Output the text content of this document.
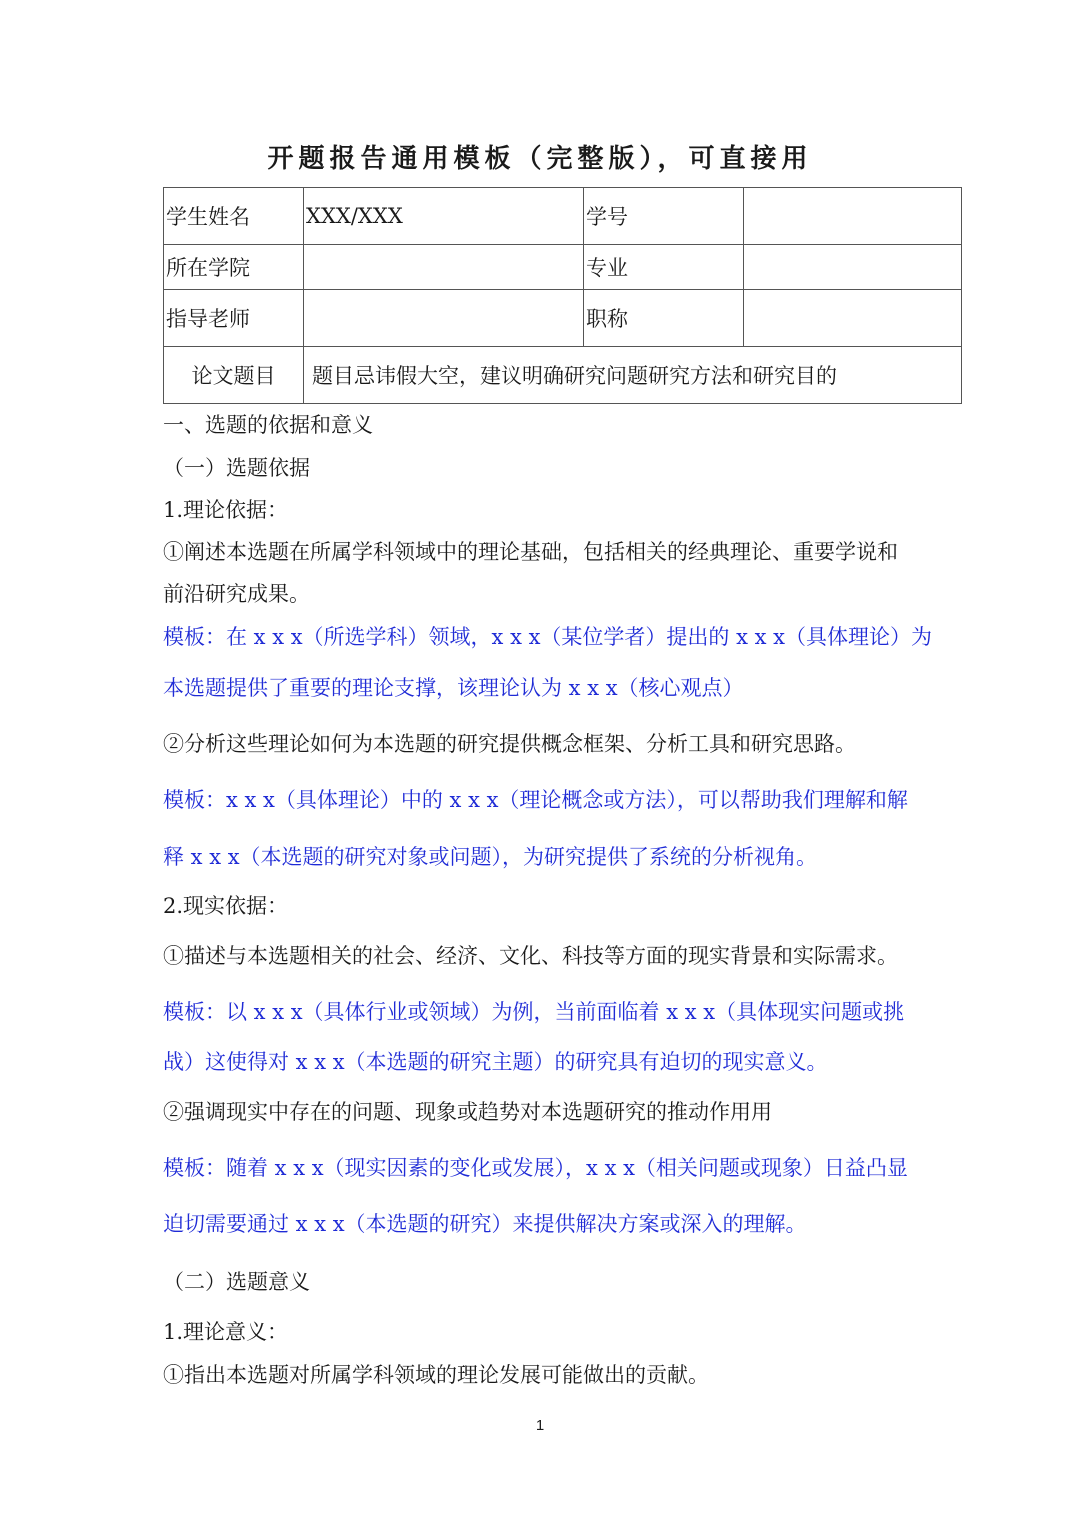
开题报告通用模板（完整版），可直接用
学生姓名	XXX/XXX	学号	
所在学院		专业	
指导老师		职称	
论文题目	题目忌讳假大空，建议明确研究问题研究方法和研究目的		

一、选题的依据和意义

（一）选题依据

1.理论依据：

①阐述本选题在所属学科领域中的理论基础，包括相关的经典理论、重要学说和

前沿研究成果。

模板：在 x x x（所选学科）领域，x x x（某位学者）提出的 x x x（具体理论）为

本选题提供了重要的理论支撑，该理论认为 x x x（核心观点）

②分析这些理论如何为本选题的研究提供概念框架、分析工具和研究思路。

模板：x x x（具体理论）中的 x x x（理论概念或方法），可以帮助我们理解和解

释 x x x（本选题的研究对象或问题），为研究提供了系统的分析视角。

2.现实依据：

①描述与本选题相关的社会、经济、文化、科技等方面的现实背景和实际需求。

模板：以 x x x（具体行业或领域）为例，当前面临着 x x x（具体现实问题或挑

战）这使得对 x x x（本选题的研究主题）的研究具有迫切的现实意义。

②强调现实中存在的问题、现象或趋势对本选题研究的推动作用用

模板：随着 x x x（现实因素的变化或发展），x x x（相关问题或现象）日益凸显

迫切需要通过 x x x（本选题的研究）来提供解决方案或深入的理解。

（二）选题意义

1.理论意义：

①指出本选题对所属学科领域的理论发展可能做出的贡献。

1
